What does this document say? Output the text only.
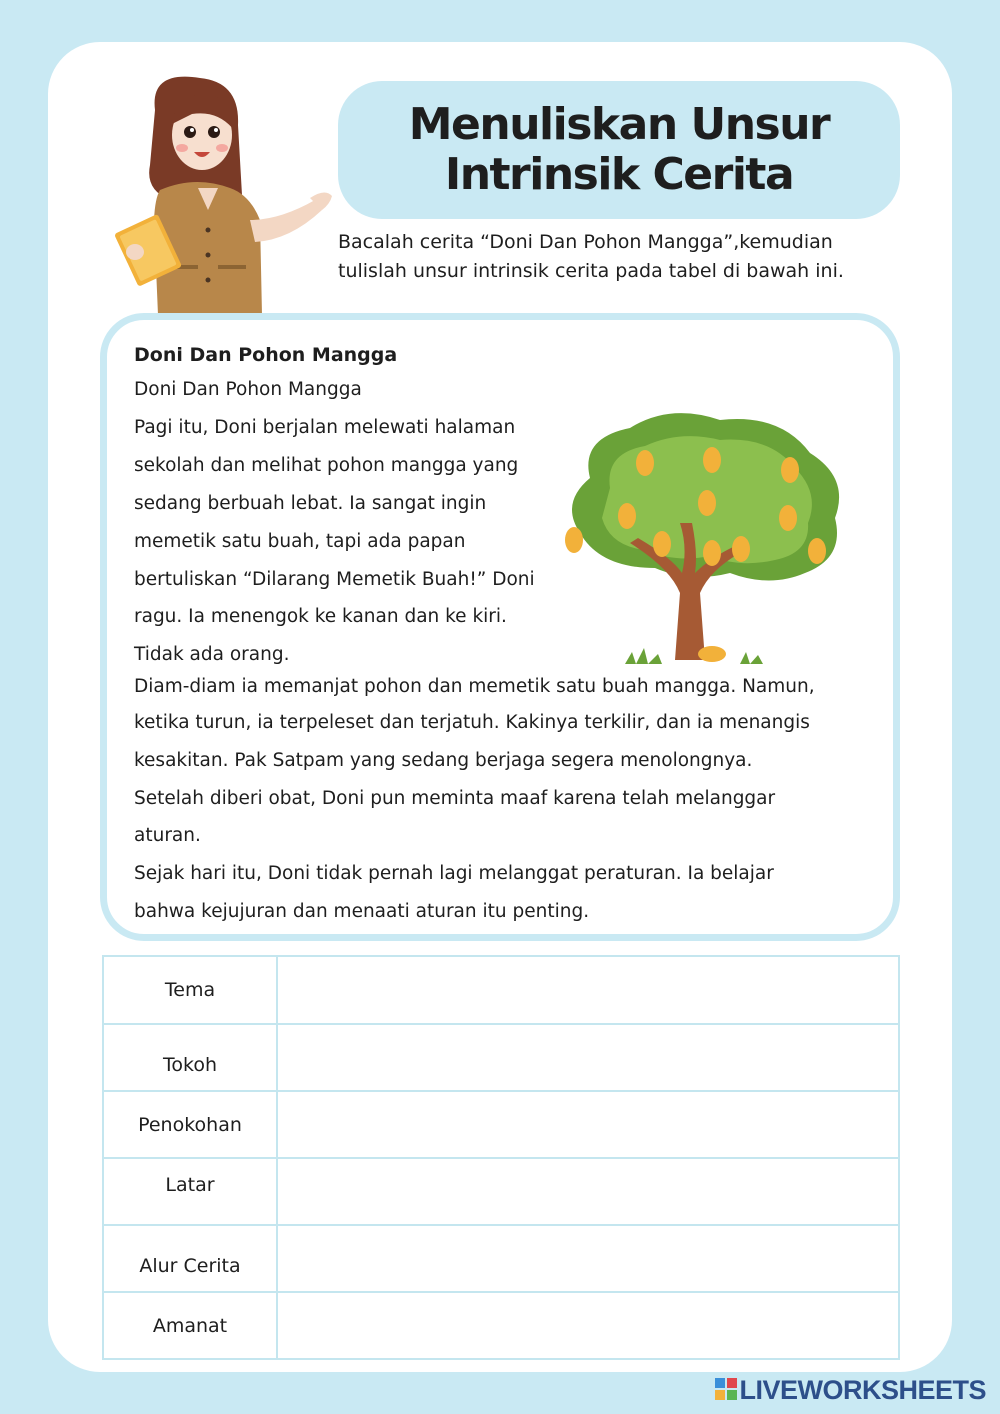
Menuliskan Unsur
Intrinsik Cerita
Bacalah cerita “Doni Dan Pohon Mangga”,kemudian
tulislah unsur intrinsik cerita pada tabel di bawah ini.
Doni Dan Pohon Mangga
Doni Dan Pohon Mangga
Pagi itu, Doni berjalan melewati halaman
sekolah dan melihat pohon mangga yang
sedang berbuah lebat. Ia sangat ingin
memetik satu buah, tapi ada papan
bertuliskan “Dilarang Memetik Buah!” Doni
ragu. Ia menengok ke kanan dan ke kiri.
Tidak ada orang.
Diam-diam ia memanjat pohon dan memetik satu buah mangga. Namun,
ketika turun, ia terpeleset dan terjatuh. Kakinya terkilir, dan ia menangis
kesakitan. Pak Satpam yang sedang berjaga segera menolongnya.
Setelah diberi obat, Doni pun meminta maaf karena telah melanggar
aturan.
Sejak hari itu, Doni tidak pernah lagi melanggat peraturan. Ia belajar
bahwa kejujuran dan menaati aturan itu penting.
Tema	
Tokoh	
Penokohan	
Latar	
Alur Cerita	
Amanat	
LIVEWORKSHEETS
